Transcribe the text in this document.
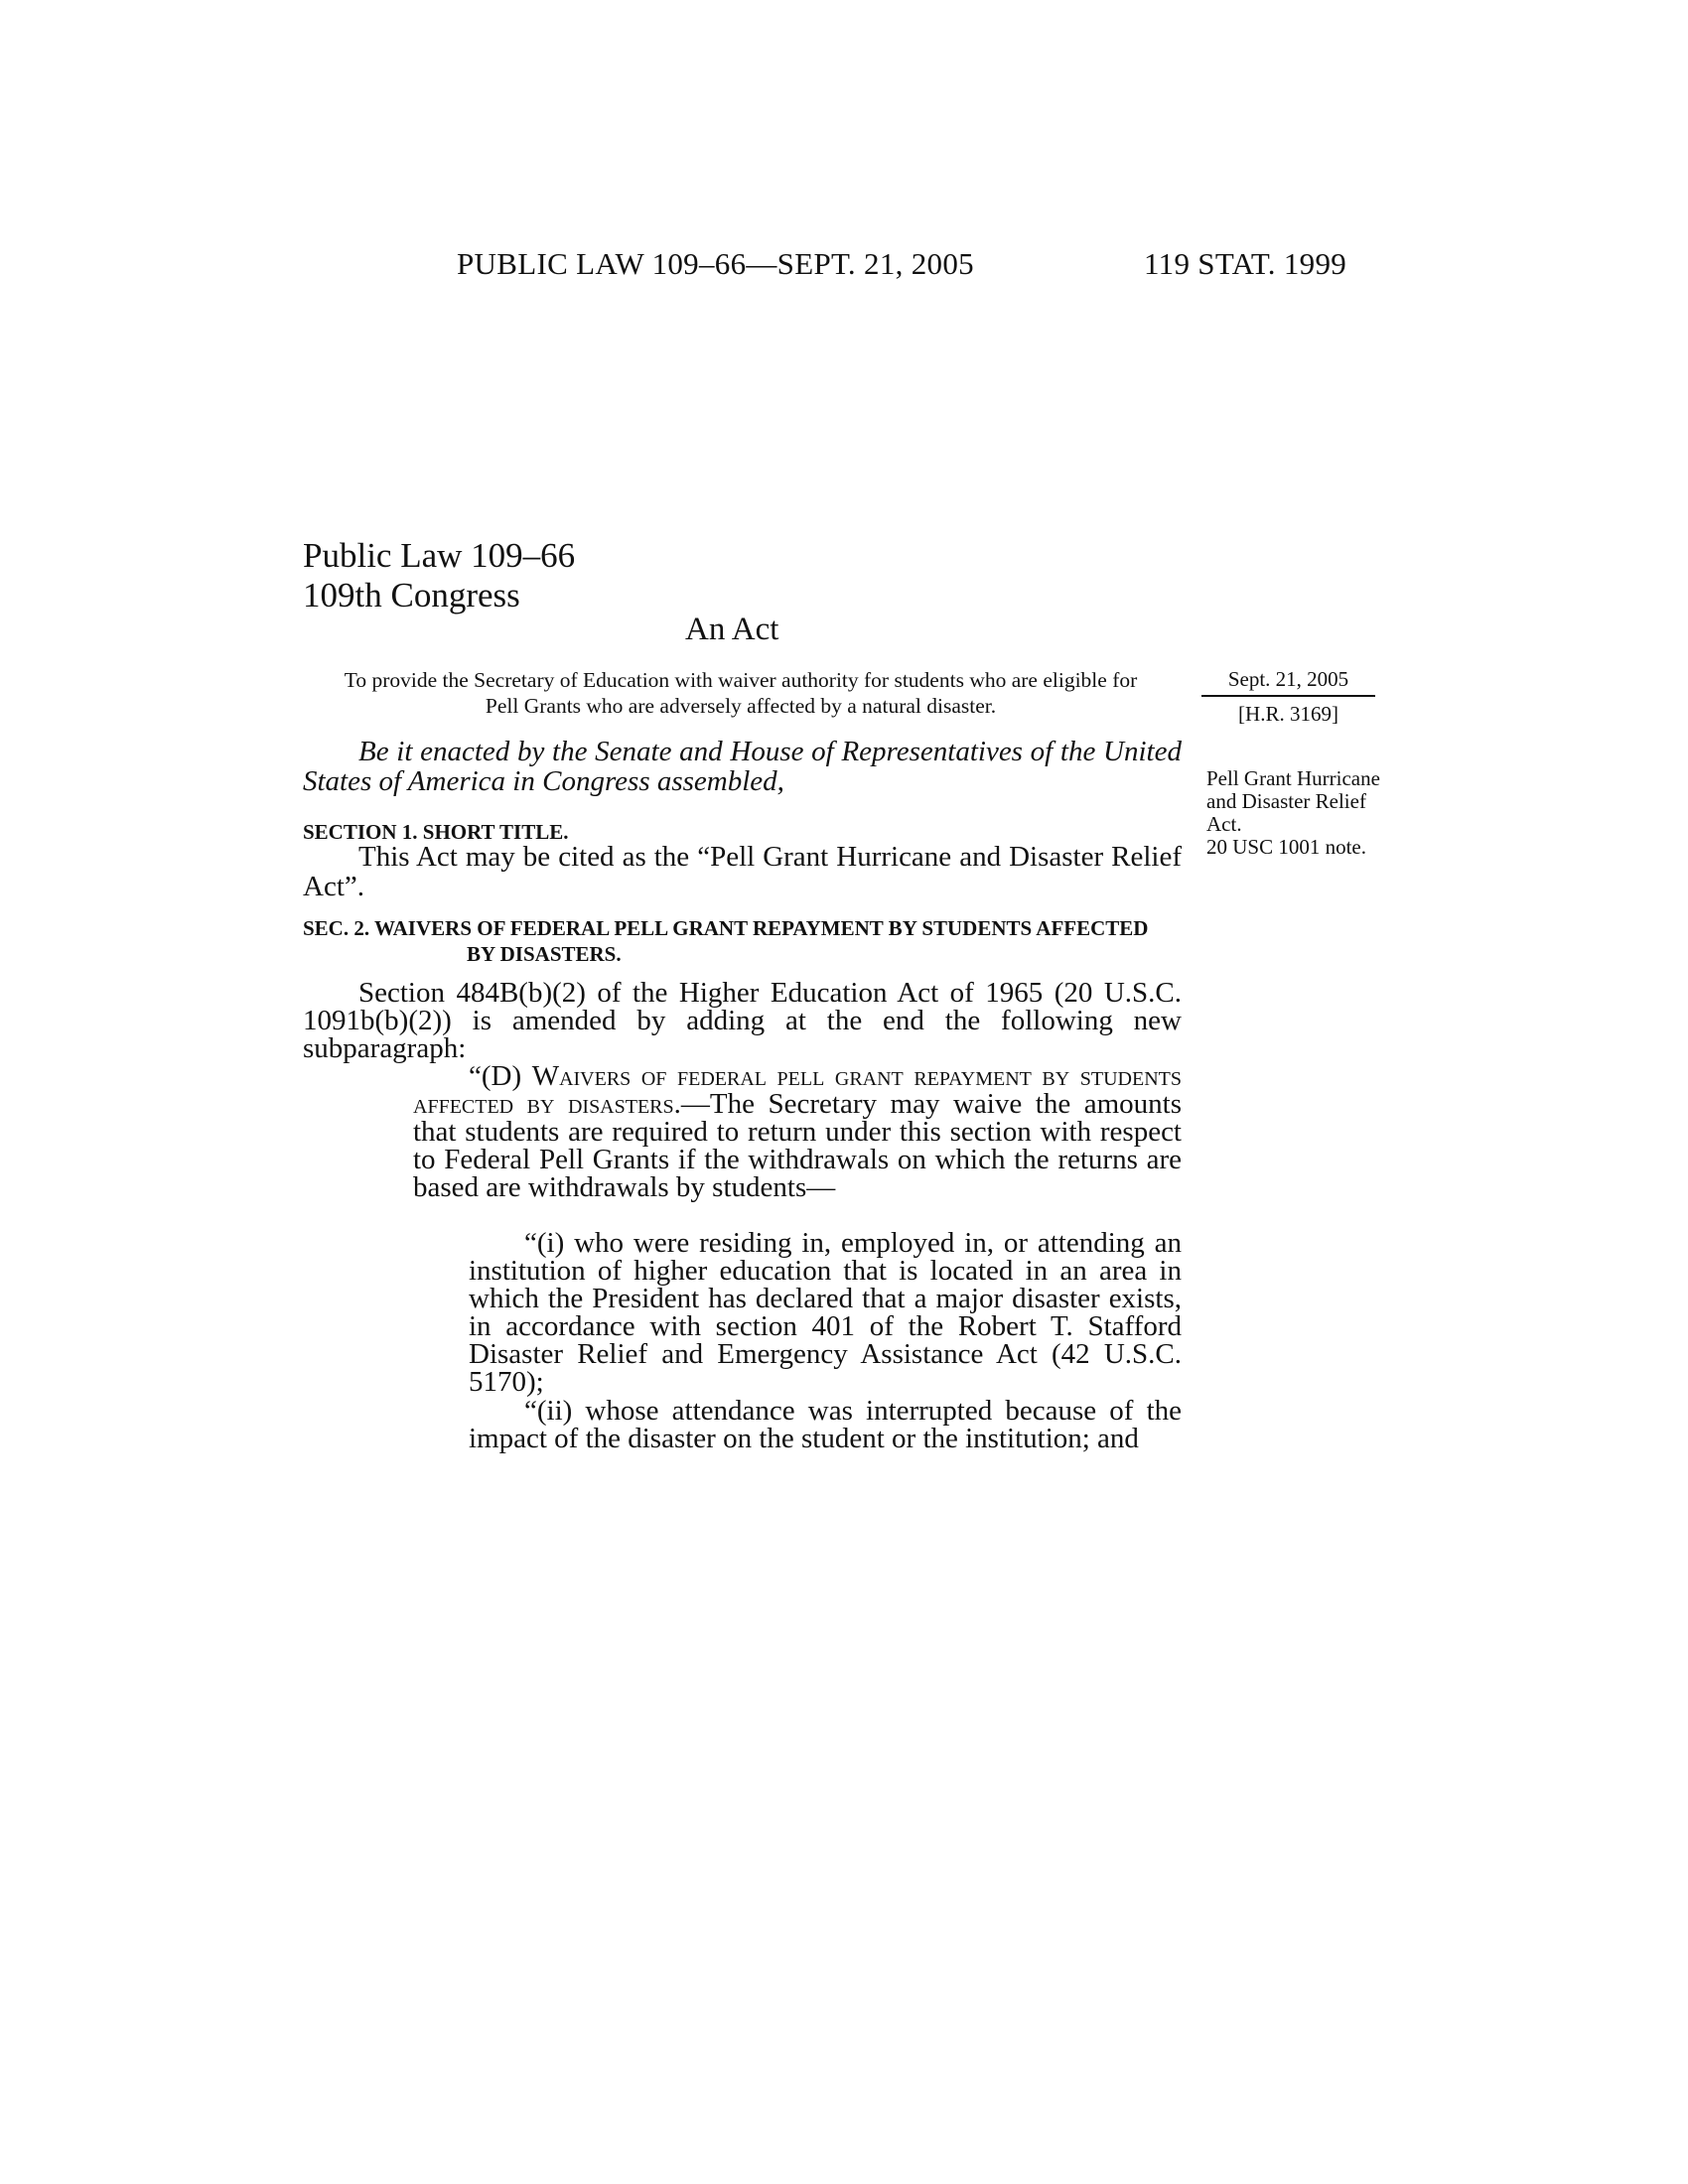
PUBLIC LAW 109–66—SEPT. 21, 2005	119 STAT. 1999
Public Law 109–66
109th Congress
An Act
To provide the Secretary of Education with waiver authority for students who are eligible for Pell Grants who are adversely affected by a natural disaster.
Sept. 21, 2005
[H.R. 3169]
Pell Grant Hurricane and Disaster Relief Act.
20 USC 1001 note.
Be it enacted by the Senate and House of Representatives of the United States of America in Congress assembled,
SECTION 1. SHORT TITLE.
This Act may be cited as the “Pell Grant Hurricane and Disaster Relief Act”.
SEC. 2. WAIVERS OF FEDERAL PELL GRANT REPAYMENT BY STUDENTS AFFECTED BY DISASTERS.
Section 484B(b)(2) of the Higher Education Act of 1965 (20 U.S.C. 1091b(b)(2)) is amended by adding at the end the following new subparagraph:
“(D) Waivers of federal pell grant repayment by students affected by disasters.—The Secretary may waive the amounts that students are required to return under this section with respect to Federal Pell Grants if the withdrawals on which the returns are based are withdrawals by students—
“(i) who were residing in, employed in, or attending an institution of higher education that is located in an area in which the President has declared that a major disaster exists, in accordance with section 401 of the Robert T. Stafford Disaster Relief and Emergency Assistance Act (42 U.S.C. 5170);
“(ii) whose attendance was interrupted because of the impact of the disaster on the student or the institution; and
